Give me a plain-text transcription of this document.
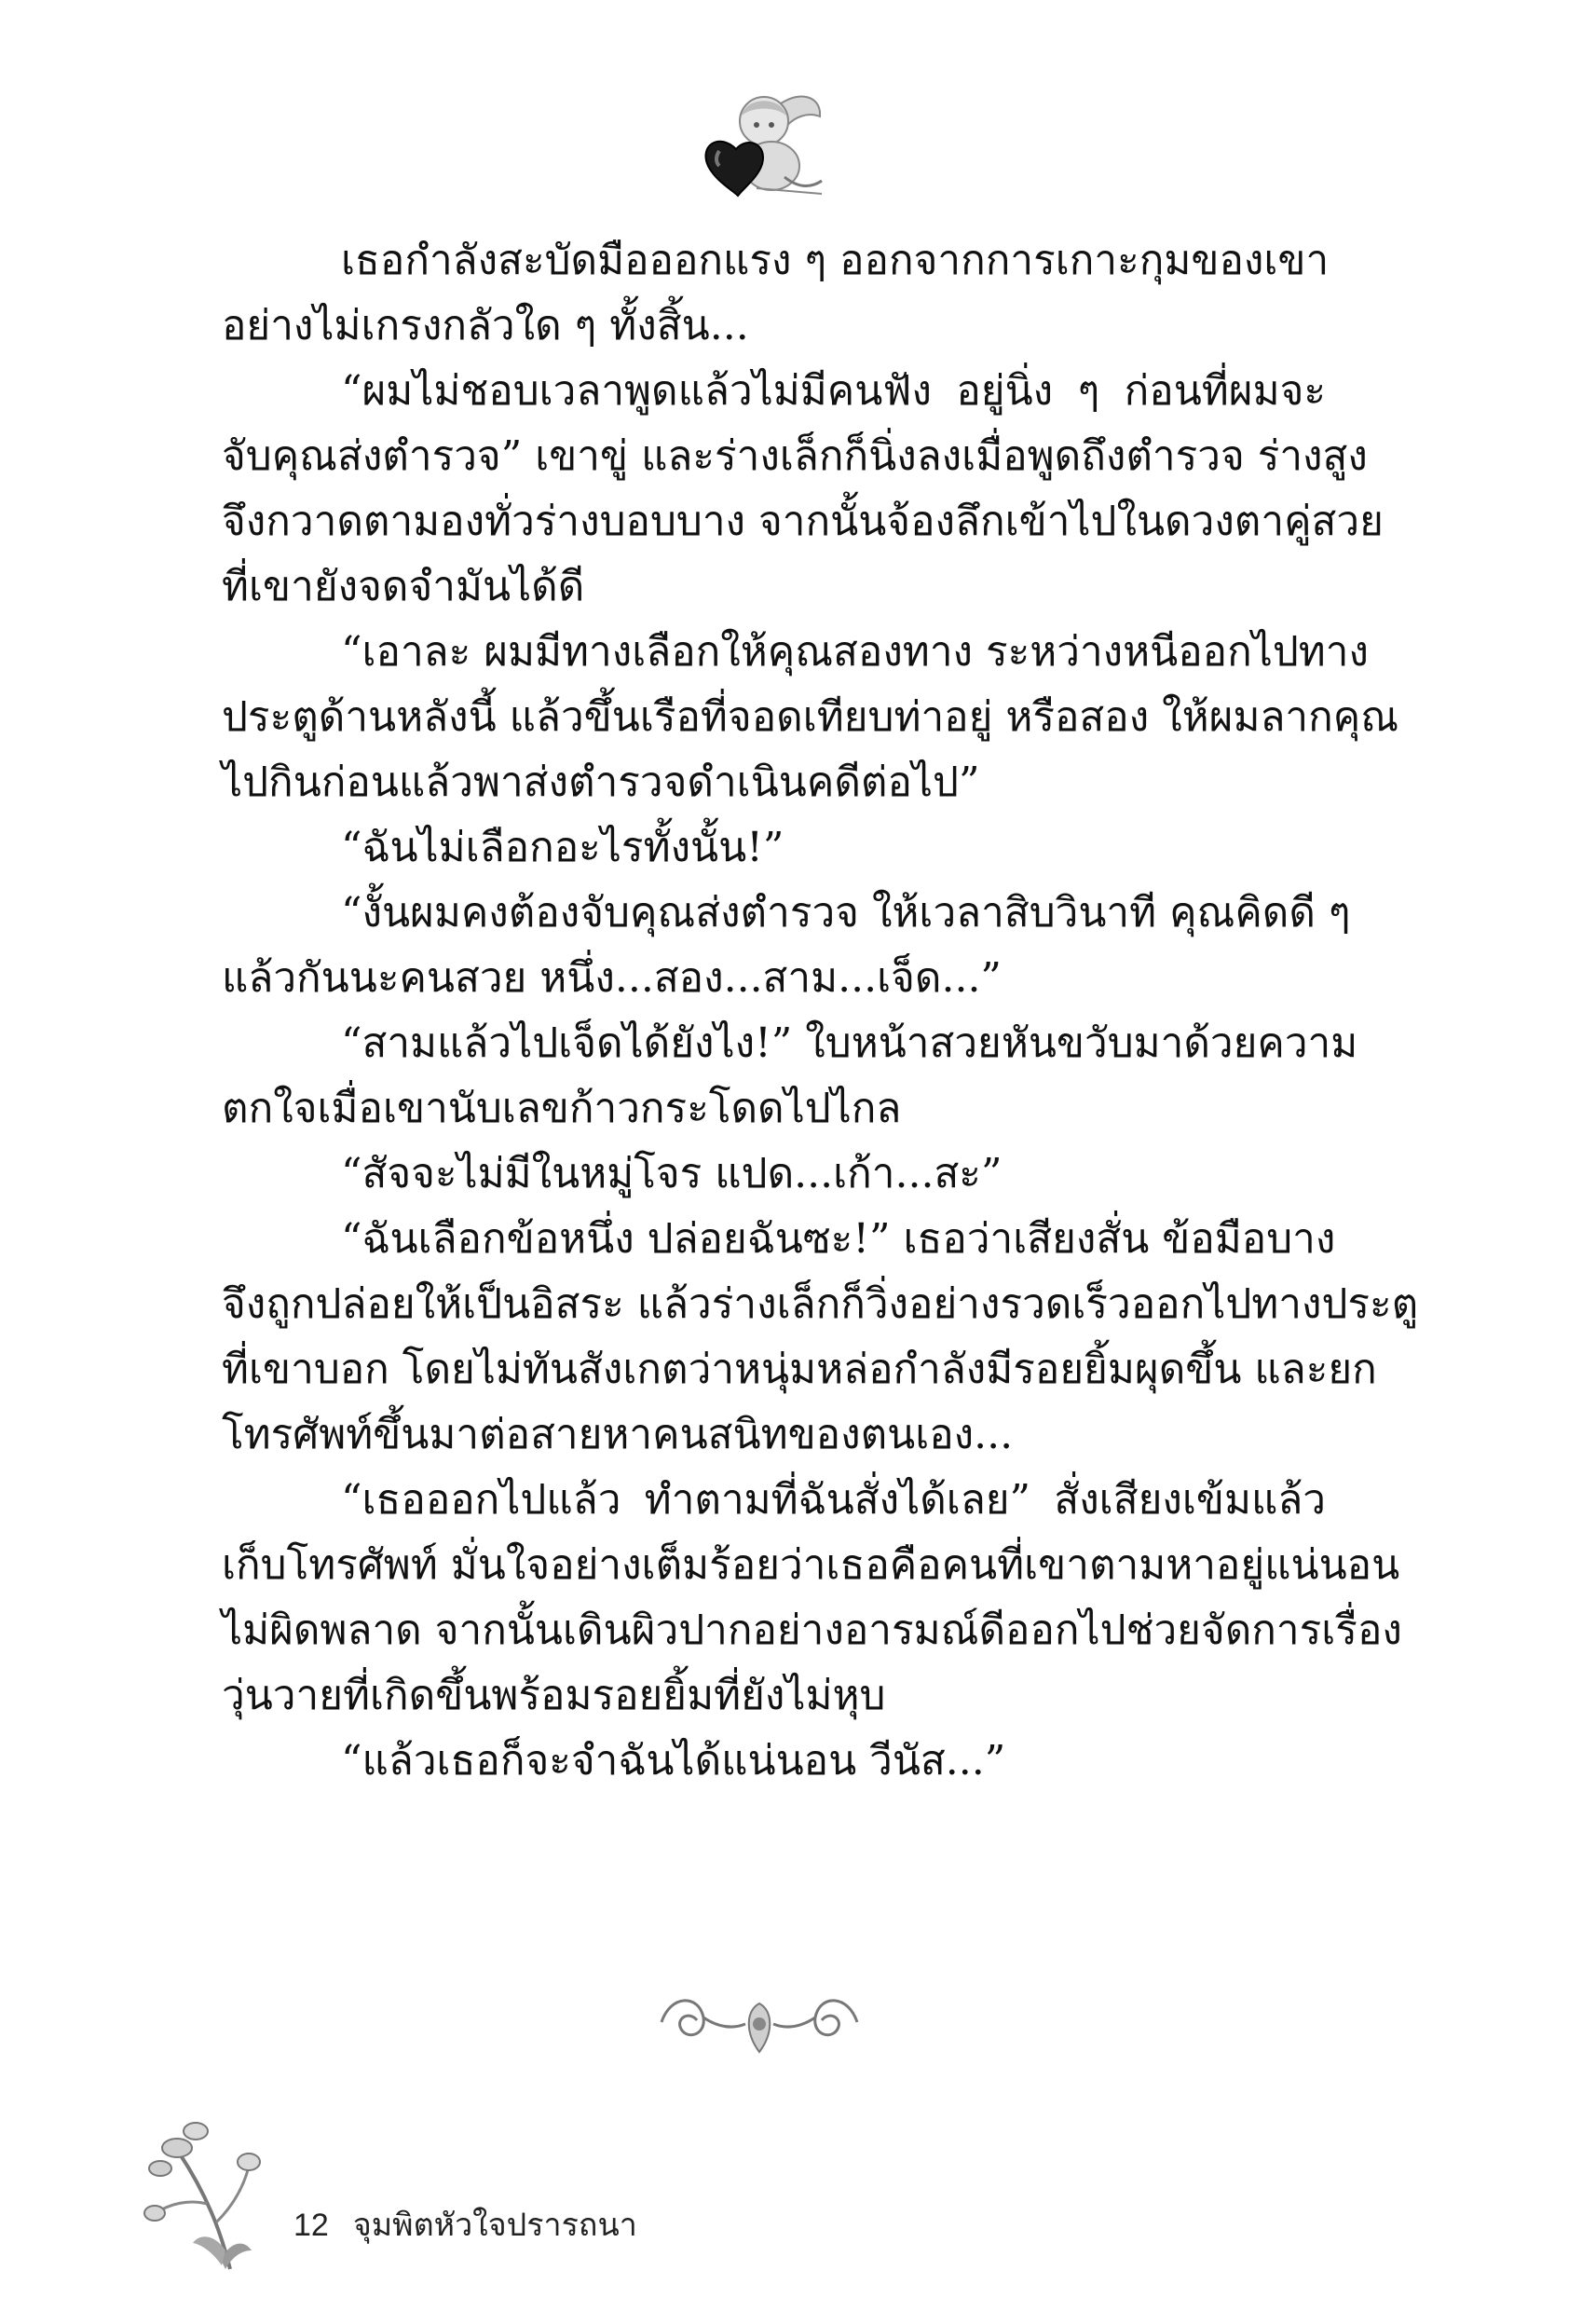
เธอกำลังสะบัดมือออกแรง ๆ ออกจากการเกาะกุมของเขา
อย่างไม่เกรงกลัวใด ๆ ทั้งสิ้น...
“ผมไม่ชอบเวลาพูดแล้วไม่มีคนฟัง อยู่นิ่ง ๆ ก่อนที่ผมจะ
จับคุณส่งตำรวจ” เขาขู่ และร่างเล็กก็นิ่งลงเมื่อพูดถึงตำรวจ ร่างสูง
จึงกวาดตามองทั่วร่างบอบบาง จากนั้นจ้องลึกเข้าไปในดวงตาคู่สวย
ที่เขายังจดจำมันได้ดี
“เอาละ ผมมีทางเลือกให้คุณสองทาง ระหว่างหนีออกไปทาง
ประตูด้านหลังนี้ แล้วขึ้นเรือที่จอดเทียบท่าอยู่ หรือสอง ให้ผมลากคุณ
ไปกินก่อนแล้วพาส่งตำรวจดำเนินคดีต่อไป”
“ฉันไม่เลือกอะไรทั้งนั้น!”
“งั้นผมคงต้องจับคุณส่งตำรวจ ให้เวลาสิบวินาที คุณคิดดี ๆ
แล้วกันนะคนสวย หนึ่ง...สอง...สาม...เจ็ด...”
“สามแล้วไปเจ็ดได้ยังไง!” ใบหน้าสวยหันขวับมาด้วยความ
ตกใจเมื่อเขานับเลขก้าวกระโดดไปไกล
“สัจจะไม่มีในหมู่โจร แปด...เก้า...สะ”
“ฉันเลือกข้อหนึ่ง ปล่อยฉันซะ!” เธอว่าเสียงสั่น ข้อมือบาง
จึงถูกปล่อยให้เป็นอิสระ แล้วร่างเล็กก็วิ่งอย่างรวดเร็วออกไปทางประตู
ที่เขาบอก โดยไม่ทันสังเกตว่าหนุ่มหล่อกำลังมีรอยยิ้มผุดขึ้น และยก
โทรศัพท์ขึ้นมาต่อสายหาคนสนิทของตนเอง...
“เธอออกไปแล้ว ทำตามที่ฉันสั่งได้เลย” สั่งเสียงเข้มแล้ว
เก็บโทรศัพท์ มั่นใจอย่างเต็มร้อยว่าเธอคือคนที่เขาตามหาอยู่แน่นอน
ไม่ผิดพลาด จากนั้นเดินผิวปากอย่างอารมณ์ดีออกไปช่วยจัดการเรื่อง
วุ่นวายที่เกิดขึ้นพร้อมรอยยิ้มที่ยังไม่หุบ
“แล้วเธอก็จะจำฉันได้แน่นอน วีนัส...”
12 จุมพิตหัวใจปรารถนา
